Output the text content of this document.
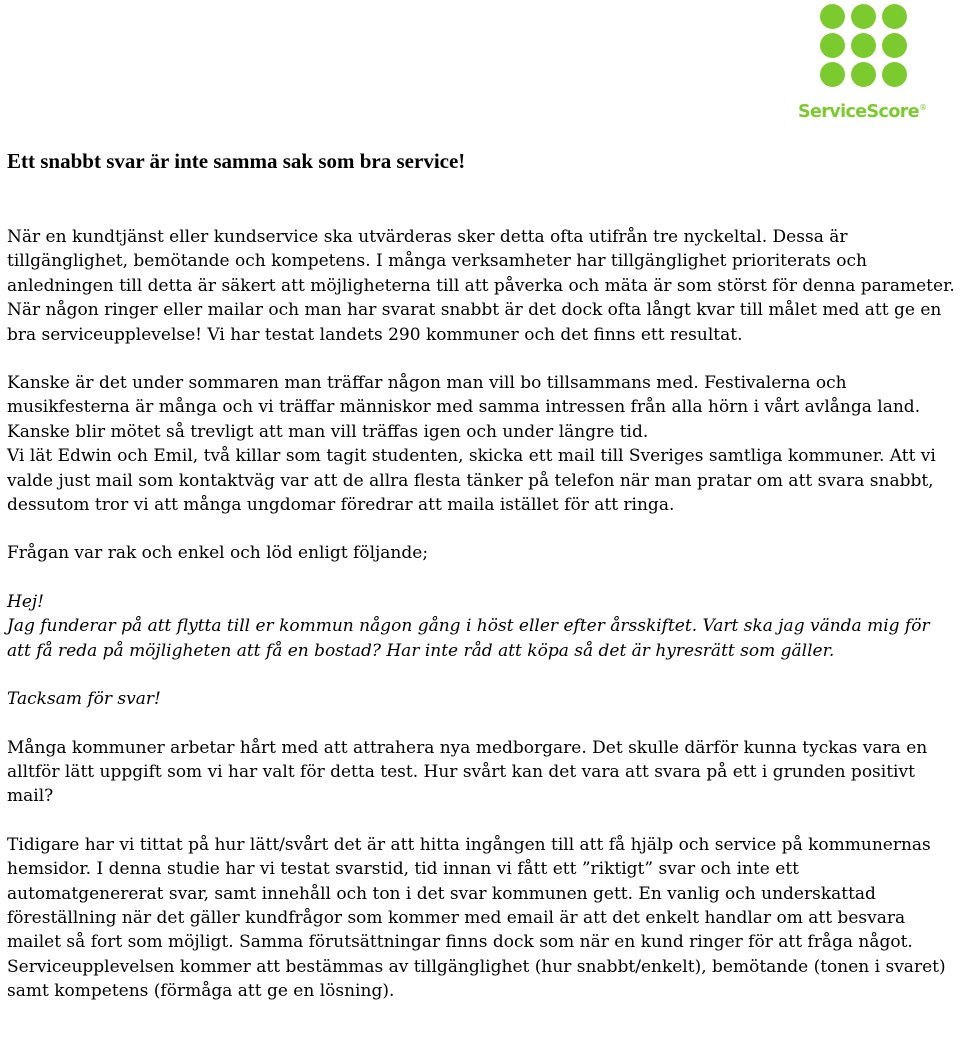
ServiceScore®
Ett snabbt svar är inte samma sak som bra service!

När en kundtjänst eller kundservice ska utvärderas sker detta ofta utifrån tre nyckeltal. Dessa är tillgänglighet, bemötande och kompetens. I många verksamheter har tillgänglighet prioriterats och anledningen till detta är säkert att möjligheterna till att påverka och mäta är som störst för denna parameter. När någon ringer eller mailar och man har svarat snabbt är det dock ofta långt kvar till målet med att ge en bra serviceupplevelse! Vi har testat landets 290 kommuner och det finns ett resultat.

Kanske är det under sommaren man träffar någon man vill bo tillsammans med. Festivalerna och musikfesterna är många och vi träffar människor med samma intressen från alla hörn i vårt avlånga land. Kanske blir mötet så trevligt att man vill träffas igen och under längre tid.

Vi lät Edwin och Emil, två killar som tagit studenten, skicka ett mail till Sveriges samtliga kommuner. Att vi valde just mail som kontaktväg var att de allra flesta tänker på telefon när man pratar om att svara snabbt, dessutom tror vi att många ungdomar föredrar att maila istället för att ringa.

Frågan var rak och enkel och löd enligt följande;

Hej!

Jag funderar på att flytta till er kommun någon gång i höst eller efter årsskiftet. Vart ska jag vända mig för att få reda på möjligheten att få en bostad? Har inte råd att köpa så det är hyresrätt som gäller.

Tacksam för svar!

Många kommuner arbetar hårt med att attrahera nya medborgare. Det skulle därför kunna tyckas vara en alltför lätt uppgift som vi har valt för detta test. Hur svårt kan det vara att svara på ett i grunden positivt mail?

Tidigare har vi tittat på hur lätt/svårt det är att hitta ingången till att få hjälp och service på kommunernas hemsidor. I denna studie har vi testat svarstid, tid innan vi fått ett ”riktigt” svar och inte ett automatgenererat svar, samt innehåll och ton i det svar kommunen gett. En vanlig och underskattad föreställning när det gäller kundfrågor som kommer med email är att det enkelt handlar om att besvara mailet så fort som möjligt. Samma förutsättningar finns dock som när en kund ringer för att fråga något. Serviceupplevelsen kommer att bestämmas av tillgänglighet (hur snabbt/enkelt), bemötande (tonen i svaret) samt kompetens (förmåga att ge en lösning).
